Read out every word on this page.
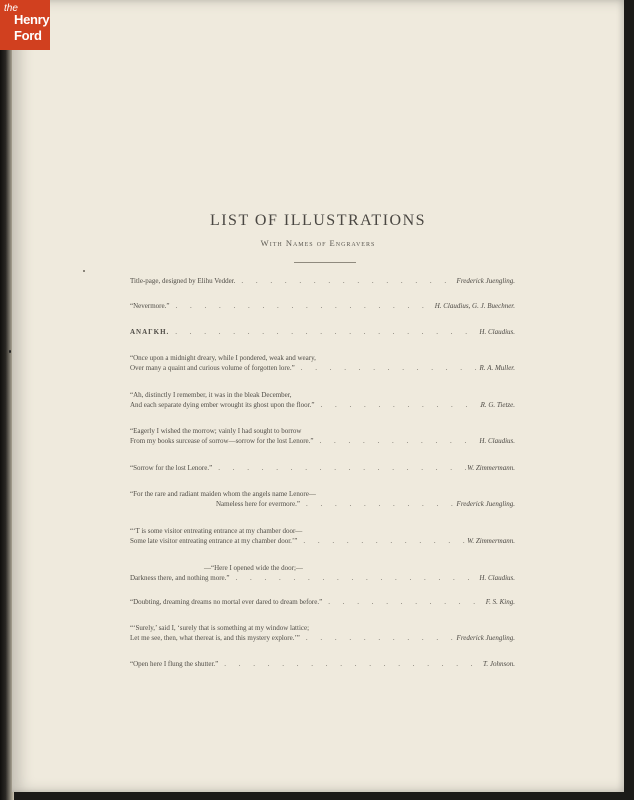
the
Henry
Ford
LIST OF ILLUSTRATIONS
With Names of Engravers
Title-page, designed by Elihu Vedder. . . .	Frederick Juengling.
“Nevermore.” . . .	H. Claudius, G. J. Buechner.
ANAΓKH. . . .	H. Claudius.
“Once upon a midnight dreary, while I pondered, weak and weary,
Over many a quaint and curious volume of forgotten lore.” . . .	R. A. Muller.
“Ah, distinctly I remember, it was in the bleak December,
And each separate dying ember wrought its ghost upon the floor.” . . .	R. G. Tietze.
“Eagerly I wished the morrow; vainly I had sought to borrow
From my books surcease of sorrow—sorrow for the lost Lenore.” . . .	H. Claudius.
“Sorrow for the lost Lenore.” . . .	W. Zimmermann.
“For the rare and radiant maiden whom the angels name Lenore—
Nameless here for evermore.” . . .	Frederick Juengling.
“‘T is some visitor entreating entrance at my chamber door—
Some late visitor entreating entrance at my chamber door.’” . . .	W. Zimmermann.
—“Here I opened wide the door;—
Darkness there, and nothing more.” . . .	H. Claudius.
“Doubting, dreaming dreams no mortal ever dared to dream before.” . . .	F. S. King.
“‘Surely,’ said I, ‘surely that is something at my window lattice;
Let me see, then, what thereat is, and this mystery explore.’” . . .	Frederick Juengling.
“Open here I flung the shutter.” . . .	T. Johnson.
